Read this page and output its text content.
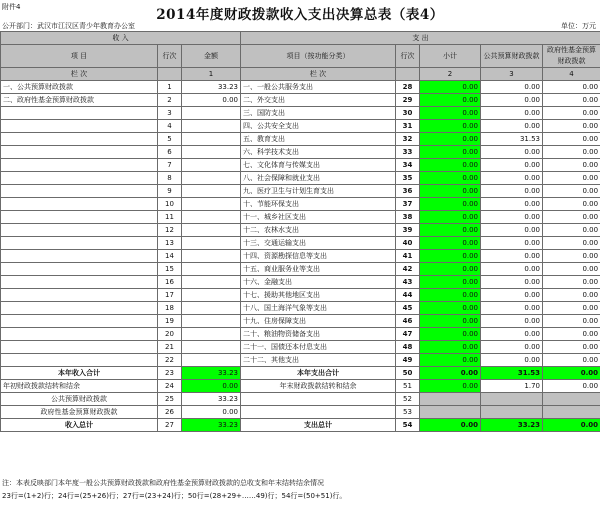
附件4	2014年度财政拨款收入支出决算总表（表4）
公开部门：武汉市江汉区青少年教育办公室	单位：万元
收 入			支 出				
项 目	行次	金额	项目（按功能分类）	行次	小计	公共预算财政拨款	政府性基金预算财政拨款
栏 次		1	栏 次		2	3	4
一、公共预算财政拨款	1	33.23	一、一般公共服务支出	28	0.00	0.00	0.00
二、政府性基金预算财政拨款	2	0.00	二、外交支出	29	0.00	0.00	0.00
	3		三、国防支出	30	0.00	0.00	0.00
	4		四、公共安全支出	31	0.00	0.00	0.00
	5		五、教育支出	32	0.00	31.53	0.00
	6		六、科学技术支出	33	0.00	0.00	0.00
	7		七、文化体育与传媒支出	34	0.00	0.00	0.00
	8		八、社会保障和就业支出	35	0.00	0.00	0.00
	9		九、医疗卫生与计划生育支出	36	0.00	0.00	0.00
	10		十、节能环保支出	37	0.00	0.00	0.00
	11		十一、城乡社区支出	38	0.00	0.00	0.00
	12		十二、农林水支出	39	0.00	0.00	0.00
	13		十三、交通运输支出	40	0.00	0.00	0.00
	14		十四、资源勘探信息等支出	41	0.00	0.00	0.00
	15		十五、商业服务业等支出	42	0.00	0.00	0.00
	16		十六、金融支出	43	0.00	0.00	0.00
	17		十七、援助其他地区支出	44	0.00	0.00	0.00
	18		十八、国土海洋气象等支出	45	0.00	0.00	0.00
	19		十九、住房保障支出	46	0.00	0.00	0.00
	20		二十、粮油物资储备支出	47	0.00	0.00	0.00
	21		二十一、国债还本付息支出	48	0.00	0.00	0.00
	22		二十二、其他支出	49	0.00	0.00	0.00
本年收入合计	23	33.23	本年支出合计	50	0.00	31.53	0.00
年初财政拨款结转和结余	24	0.00	年末财政拨款结转和结余	51	0.00	1.70	0.00
公共预算财政拨款	25	33.23		52			
政府性基金预算财政拨款	26	0.00		53			
收入总计	27	33.23	支出总计	54	0.00	33.23	0.00
注：本表反映部门本年度一般公共预算财政拨款和政府性基金预算财政拨款的总收支和年末结转结余情况
23行=(1+2)行；24行=(25+26)行；27行=(23+24)行；50行=(28+29+……49)行；54行=(50+51)行。
